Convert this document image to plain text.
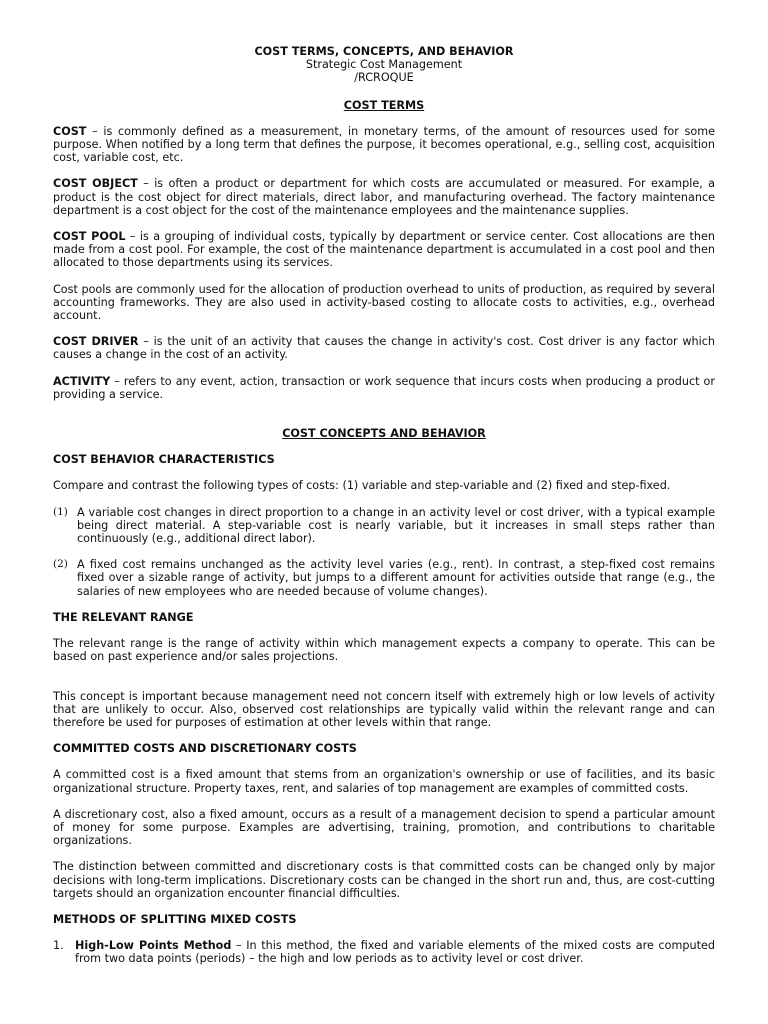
COST TERMS, CONCEPTS, AND BEHAVIOR
Strategic Cost Management
/RCROQUE
COST TERMS

COST – is commonly defined as a measurement, in monetary terms, of the amount of resources used for some purpose. When notified by a long term that defines the purpose, it becomes operational, e.g., selling cost, acquisition cost, variable cost, etc.

COST OBJECT – is often a product or department for which costs are accumulated or measured. For example, a product is the cost object for direct materials, direct labor, and manufacturing overhead. The factory maintenance department is a cost object for the cost of the maintenance employees and the maintenance supplies.

COST POOL – is a grouping of individual costs, typically by department or service center. Cost allocations are then made from a cost pool. For example, the cost of the maintenance department is accumulated in a cost pool and then allocated to those departments using its services.

Cost pools are commonly used for the allocation of production overhead to units of production, as required by several accounting frameworks. They are also used in activity-based costing to allocate costs to activities, e.g., overhead account.

COST DRIVER – is the unit of an activity that causes the change in activity's cost. Cost driver is any factor which causes a change in the cost of an activity.

ACTIVITY – refers to any event, action, transaction or work sequence that incurs costs when producing a product or providing a service.

COST CONCEPTS AND BEHAVIOR
COST BEHAVIOR CHARACTERISTICS

Compare and contrast the following types of costs: (1) variable and step-variable and (2) fixed and step-fixed.

(1) A variable cost changes in direct proportion to a change in an activity level or cost driver, with a typical example being direct material. A step-variable cost is nearly variable, but it increases in small steps rather than continuously (e.g., additional direct labor).
(2) A fixed cost remains unchanged as the activity level varies (e.g., rent). In contrast, a step-fixed cost remains fixed over a sizable range of activity, but jumps to a different amount for activities outside that range (e.g., the salaries of new employees who are needed because of volume changes).
THE RELEVANT RANGE

The relevant range is the range of activity within which management expects a company to operate. This can be based on past experience and/or sales projections.

This concept is important because management need not concern itself with extremely high or low levels of activity that are unlikely to occur. Also, observed cost relationships are typically valid within the relevant range and can therefore be used for purposes of estimation at other levels within that range.

COMMITTED COSTS AND DISCRETIONARY COSTS

A committed cost is a fixed amount that stems from an organization's ownership or use of facilities, and its basic organizational structure. Property taxes, rent, and salaries of top management are examples of committed costs.

A discretionary cost, also a fixed amount, occurs as a result of a management decision to spend a particular amount of money for some purpose. Examples are advertising, training, promotion, and contributions to charitable organizations.

The distinction between committed and discretionary costs is that committed costs can be changed only by major decisions with long-term implications. Discretionary costs can be changed in the short run and, thus, are cost-cutting targets should an organization encounter financial difficulties.

METHODS OF SPLITTING MIXED COSTS
1. High-Low Points Method – In this method, the fixed and variable elements of the mixed costs are computed from two data points (periods) – the high and low periods as to activity level or cost driver.
